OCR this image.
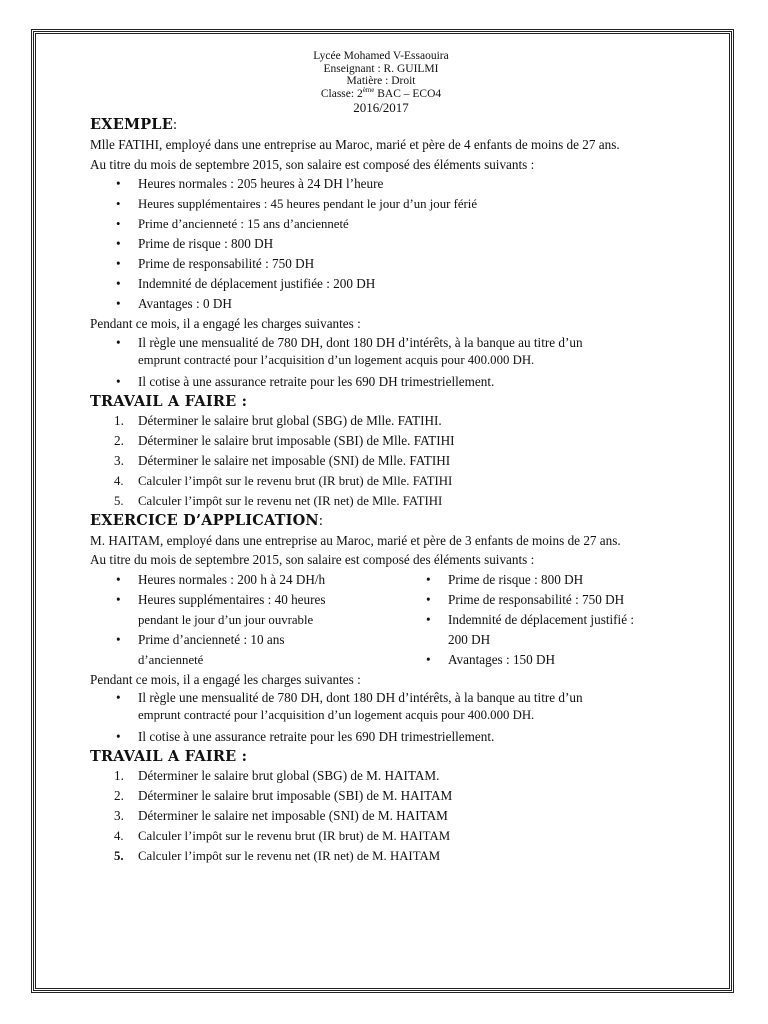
Lycée Mohamed V-Essaouira
Enseignant : R. GUILMI
Matière : Droit
Classe: 2ème BAC – ECO4
2016/2017
EXEMPLE:

Mlle FATIHI, employé dans une entreprise au Maroc, marié et père de 4 enfants de moins de 27 ans.

Au titre du mois de septembre 2015, son salaire est composé des éléments suivants :

• Heures normales : 205 heures à 24 DH l’heure
• Heures supplémentaires : 45 heures pendant le jour d’un jour férié
• Prime d’ancienneté : 15 ans d’ancienneté
• Prime de risque : 800 DH
• Prime de responsabilité : 750 DH
• Indemnité de déplacement justifiée : 200 DH
• Avantages : 0 DH

Pendant ce mois, il a engagé les charges suivantes :

• Il règle une mensualité de 780 DH, dont 180 DH d’intérêts, à la banque au titre d’un
emprunt contracté pour l’acquisition d’un logement acquis pour 400.000 DH.
• Il cotise à une assurance retraite pour les 690 DH trimestriellement.
TRAVAIL A FAIRE :
1. Déterminer le salaire brut global (SBG) de Mlle. FATIHI.
2. Déterminer le salaire brut imposable (SBI) de Mlle. FATIHI
3. Déterminer le salaire net imposable (SNI) de Mlle. FATIHI
4. Calculer l’impôt sur le revenu brut (IR brut) de Mlle. FATIHI
5. Calculer l’impôt sur le revenu net (IR net) de Mlle. FATIHI
EXERCICE D’APPLICATION:

M. HAITAM, employé dans une entreprise au Maroc, marié et père de 3 enfants de moins de 27 ans.

Au titre du mois de septembre 2015, son salaire est composé des éléments suivants :

• Heures normales : 200 h à 24 DH/h
• Heures supplémentaires : 40 heures
pendant le jour d’un jour ouvrable
• Prime d’ancienneté : 10 ans
d’ancienneté
• Prime de risque : 800 DH
• Prime de responsabilité : 750 DH
• Indemnité de déplacement justifié :
200 DH
• Avantages : 150 DH

Pendant ce mois, il a engagé les charges suivantes :

• Il règle une mensualité de 780 DH, dont 180 DH d’intérêts, à la banque au titre d’un
emprunt contracté pour l’acquisition d’un logement acquis pour 400.000 DH.
• Il cotise à une assurance retraite pour les 690 DH trimestriellement.
TRAVAIL A FAIRE :
1. Déterminer le salaire brut global (SBG) de M. HAITAM.
2. Déterminer le salaire brut imposable (SBI) de M. HAITAM
3. Déterminer le salaire net imposable (SNI) de M. HAITAM
4. Calculer l’impôt sur le revenu brut (IR brut) de M. HAITAM
5. Calculer l’impôt sur le revenu net (IR net) de M. HAITAM
